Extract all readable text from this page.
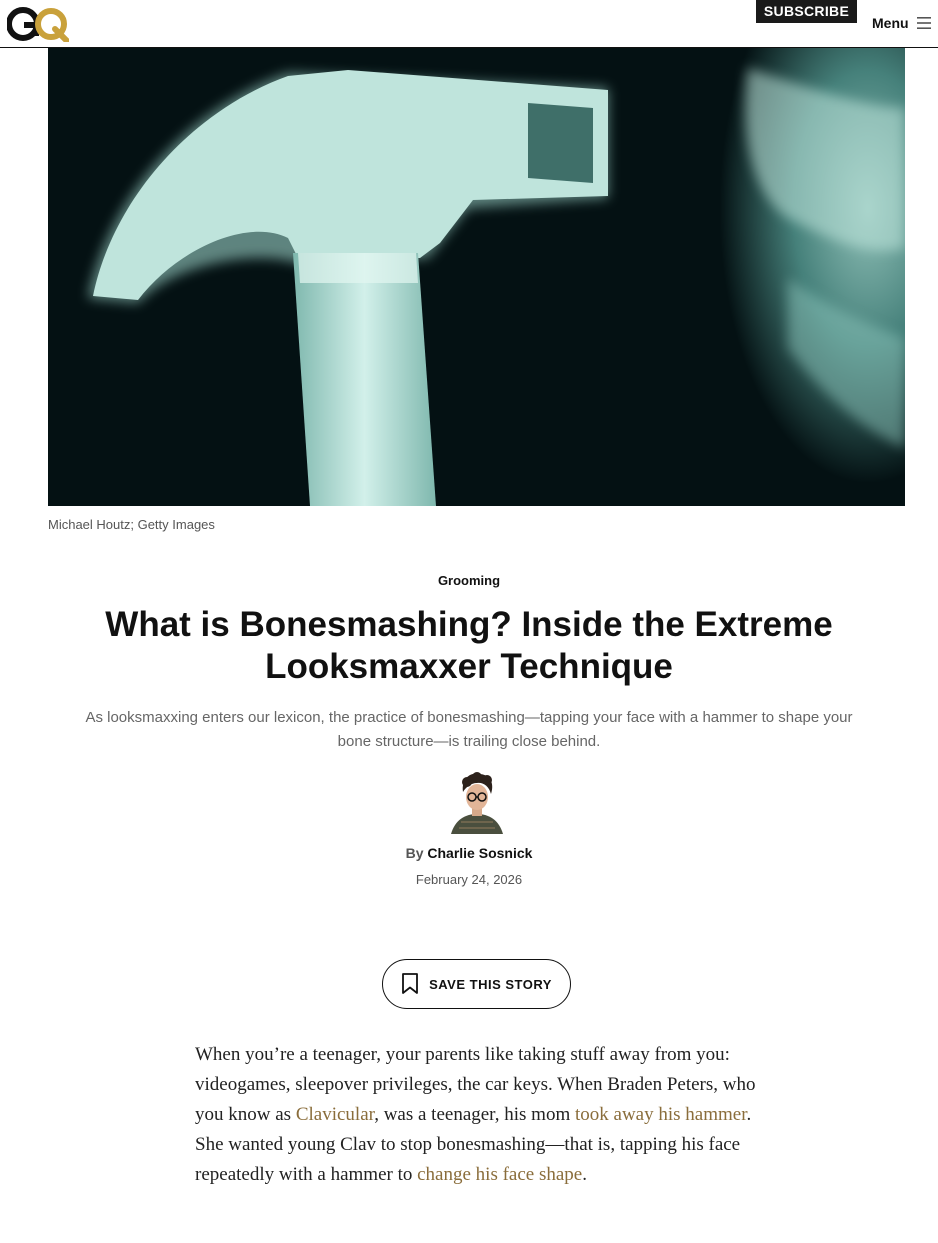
SUBSCRIBE
Menu
Michael Houtz; Getty Images
Grooming
What is Bonesmashing? Inside the Extreme
Looksmaxxer Technique

As looksmaxxing enters our lexicon, the practice of bonesmashing—tapping your face with a hammer to shape your
bone structure—is trailing close behind.

By Charlie Sosnick
February 24, 2026
SAVE THIS STORY

When you’re a teenager, your parents like taking stuff away from you: videogames, sleepover privileges, the car keys. When Braden Peters, who you know as Clavicular, was a teenager, his mom took away his hammer. She wanted young Clav to stop bonesmashing—that is, tapping his face repeatedly with a hammer to change his face shape.
